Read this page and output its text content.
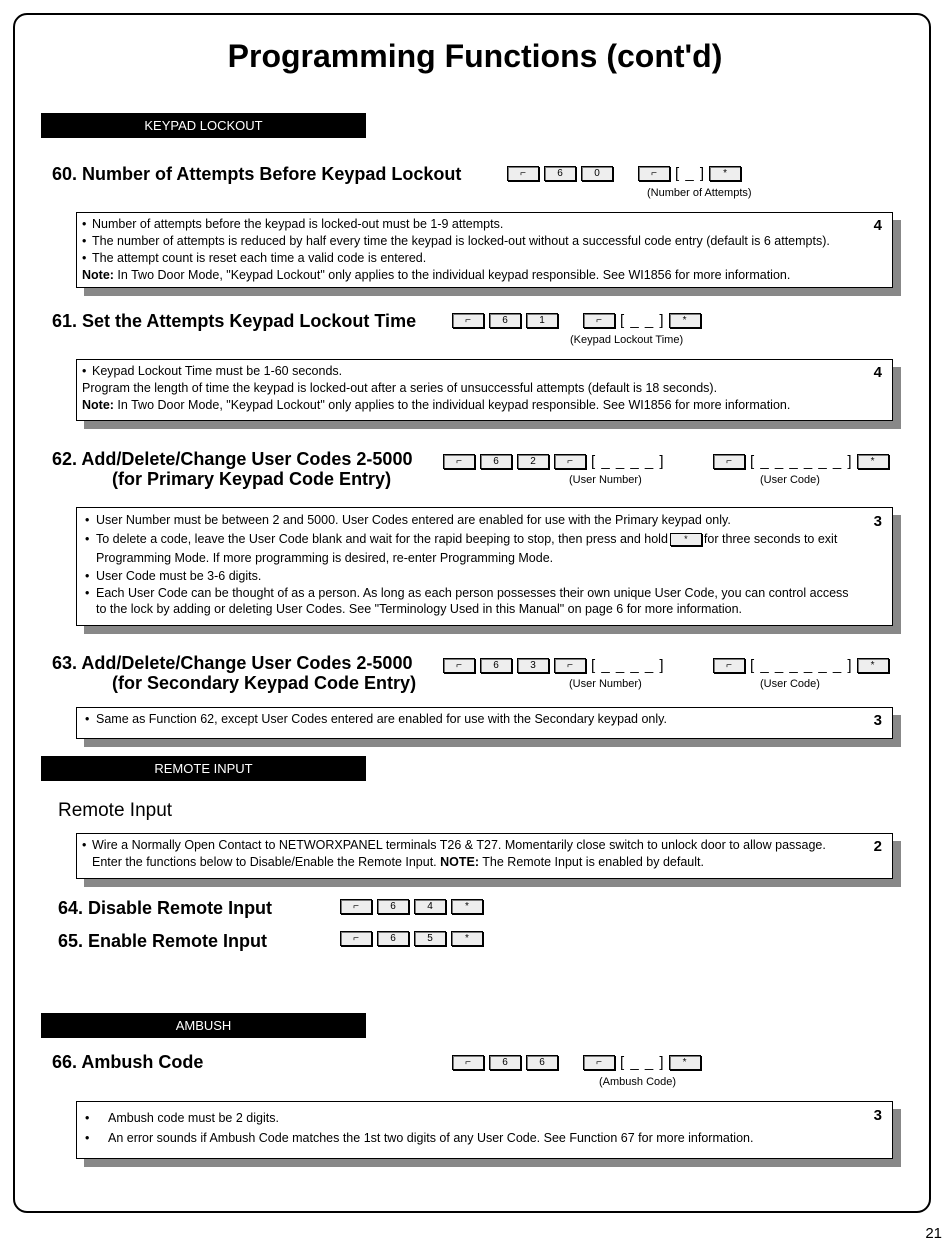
Programming Functions (cont'd)
KEYPAD LOCKOUT
60. Number of Attempts Before Keypad Lockout	⌐	6	0	⌐	[ _ ]	*
(Number of Attempts)
4
• Number of attempts before the keypad is locked-out must be 1-9 attempts.
• The number of attempts is reduced by half every time the keypad is locked-out without a successful code entry (default is 6 attempts).
• The attempt count is reset each time a valid code is entered.
Note: In Two Door Mode, "Keypad Lockout" only applies to the individual keypad responsible. See WI1856 for more information.
61. Set the Attempts Keypad Lockout Time	⌐	6	1	⌐	[ _ _ ]	*
(Keypad Lockout Time)
4
• Keypad Lockout Time must be 1-60 seconds.
Program the length of time the keypad is locked-out after a series of unsuccessful attempts (default is 18 seconds).
Note: In Two Door Mode, "Keypad Lockout" only applies to the individual keypad responsible. See WI1856 for more information.
62. Add/Delete/Change User Codes 2-5000
(for Primary Keypad Code Entry)
⌐	6	2	⌐	[ _ _ _ _ ]	⌐	[ _ _ _ _ _ _ ]	*
(User Number)	(User Code)
3
• User Number must be between 2 and 5000. User Codes entered are enabled for use with the Primary keypad only.
• To delete a code, leave the User Code blank and wait for the rapid beeping to stop, then press and hold * for three seconds to exit Programming Mode. If more programming is desired, re-enter Programming Mode.
• User Code must be 3-6 digits.
• Each User Code can be thought of as a person. As long as each person possesses their own unique User Code, you can control access to the lock by adding or deleting User Codes. See "Terminology Used in this Manual" on page 6 for more information.
63. Add/Delete/Change User Codes 2-5000
(for Secondary Keypad Code Entry)
⌐	6	3	⌐	[ _ _ _ _ ]	⌐	[ _ _ _ _ _ _ ]	*
(User Number)	(User Code)
3
• Same as Function 62, except User Codes entered are enabled for use with the Secondary keypad only.
REMOTE INPUT
Remote Input
2
• Wire a Normally Open Contact to NETWORXPANEL terminals T26 & T27. Momentarily close switch to unlock door to allow passage. Enter the functions below to Disable/Enable the Remote Input. NOTE: The Remote Input is enabled by default.
64. Disable Remote Input	⌐	6	4	*
65. Enable Remote Input	⌐	6	5	*
AMBUSH
66. Ambush Code	⌐	6	6	⌐	[ _ _ ]	*
(Ambush Code)
3
• Ambush code must be 2 digits.
• An error sounds if Ambush Code matches the 1st two digits of any User Code. See Function 67 for more information.
21
